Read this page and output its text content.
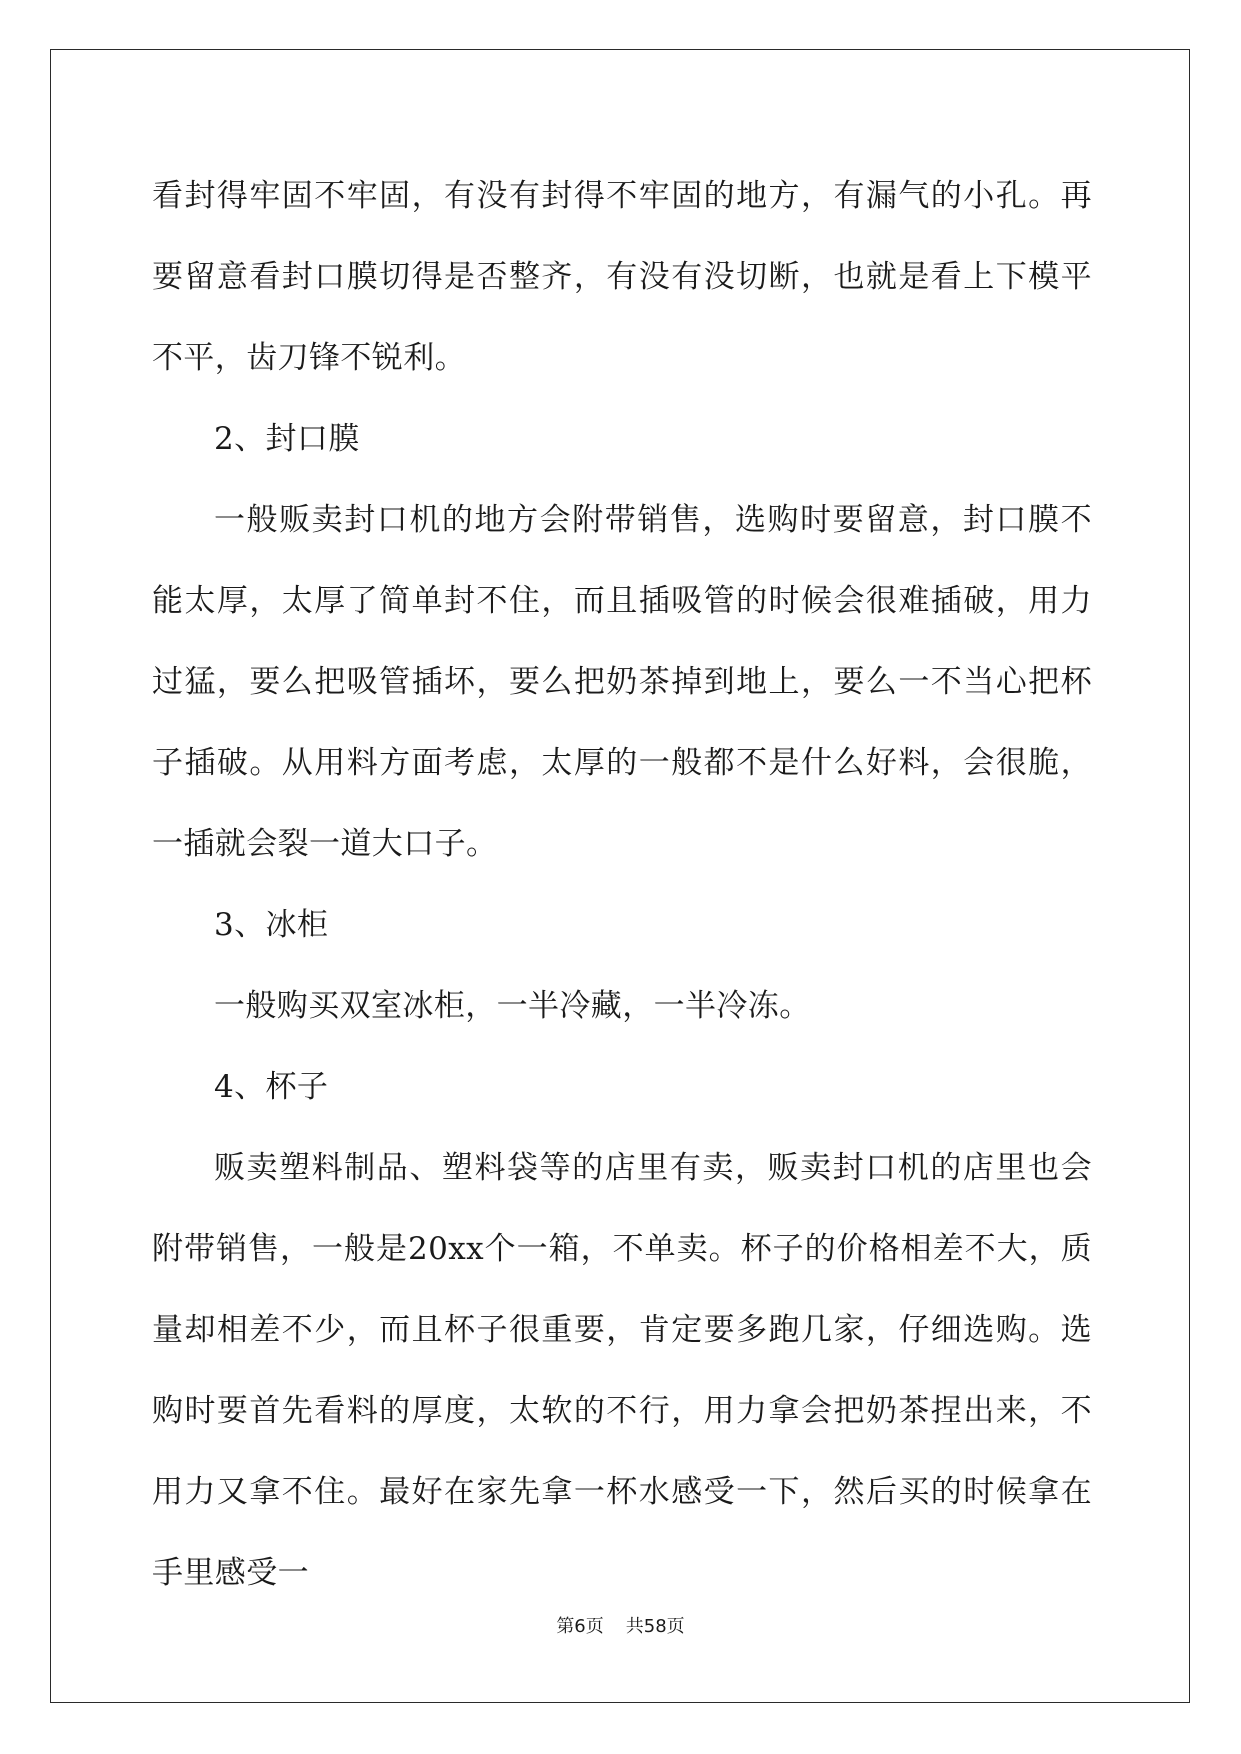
看封得牢固不牢固，有没有封得不牢固的地方，有漏气的小孔。再要留意看封口膜切得是否整齐，有没有没切断，也就是看上下模平不平，齿刀锋不锐利。

2、封口膜

一般贩卖封口机的地方会附带销售，选购时要留意，封口膜不能太厚，太厚了简单封不住，而且插吸管的时候会很难插破，用力过猛，要么把吸管插坏，要么把奶茶掉到地上，要么一不当心把杯子插破。从用料方面考虑，太厚的一般都不是什么好料，会很脆，一插就会裂一道大口子。

3、冰柜

一般购买双室冰柜，一半冷藏，一半冷冻。

4、杯子

贩卖塑料制品、塑料袋等的店里有卖，贩卖封口机的店里也会附带销售，一般是20xx个一箱，不单卖。杯子的价格相差不大，质量却相差不少，而且杯子很重要，肯定要多跑几家，仔细选购。选购时要首先看料的厚度，太软的不行，用力拿会把奶茶捏出来，不用力又拿不住。最好在家先拿一杯水感受一下，然后买的时候拿在手里感受一

第6页 共58页
